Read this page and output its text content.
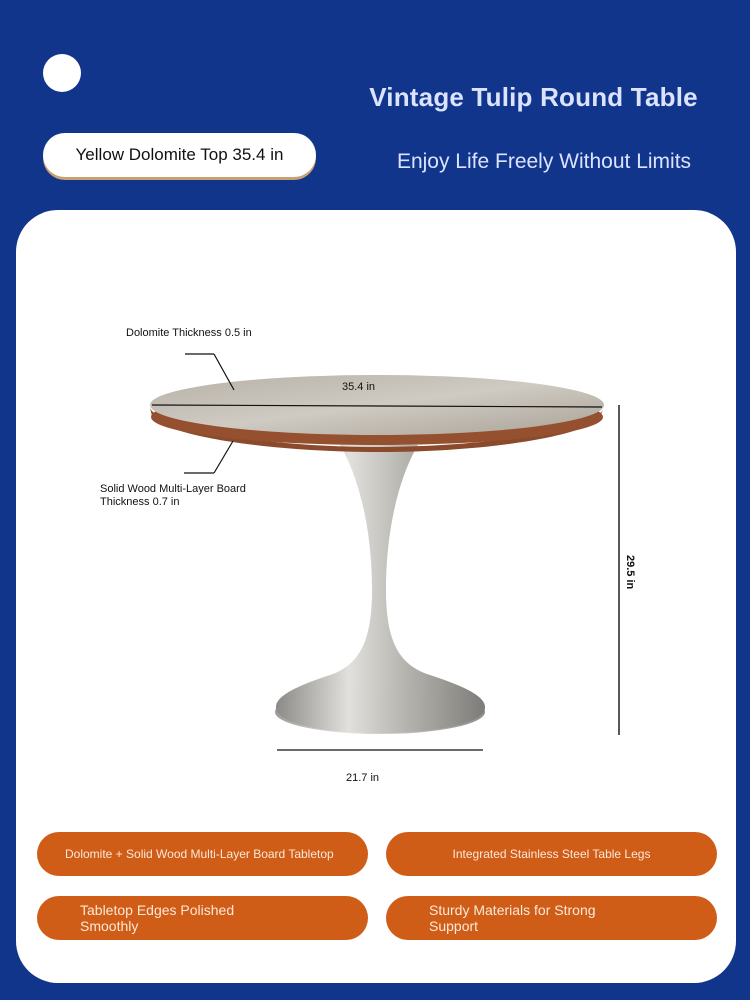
Vintage Tulip Round Table
Enjoy Life Freely Without Limits
Yellow Dolomite Top 35.4 in
Dolomite Thickness 0.5 in
Solid Wood Multi-Layer Board
Thickness 0.7 in
35.4 in
29.5 in
21.7 in
Dolomite + Solid Wood Multi-Layer Board Tabletop	Integrated Stainless Steel Table Legs
Tabletop Edges Polished Smoothly
Sturdy Materials for Strong Support
